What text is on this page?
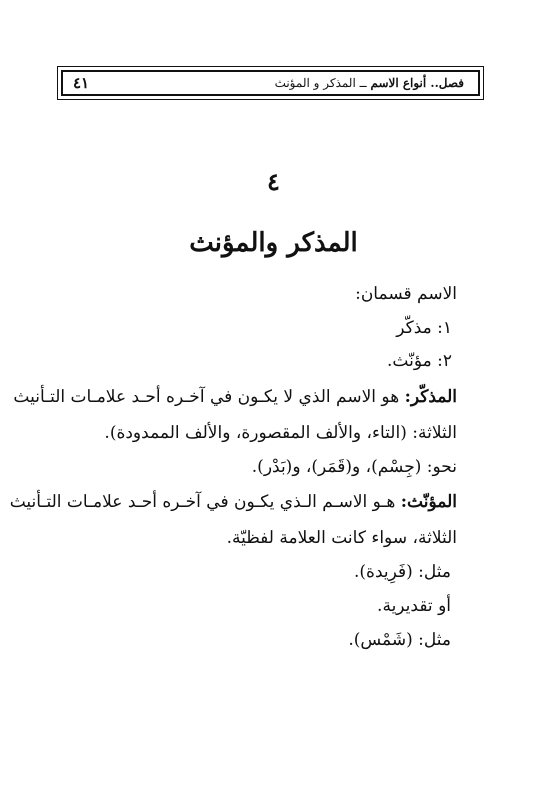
فصل.. أنواع الاسم ــ المذكر و المؤنث
٤١
٤
المذكر والمؤنث
الاسم قسمان:
١: مذكّر
٢: مؤنّث.
المذكّر: هو الاسم الذي لا يكـون في آخـره أحـد علامـات التـأنيث
الثلاثة: (التاء، والألف المقصورة، والألف الممدودة).
نحو: (جِسْم)، و(قَمَر)، و(بَدْر).
المؤنّث: هـو الاسـم الـذي يكـون في آخـره أحـد علامـات التـأنيث
الثلاثة، سواء كانت العلامة لفظيّة.
مثل: (فَرِيدة).
أو تقديرية.
مثل: (شَمْس).
